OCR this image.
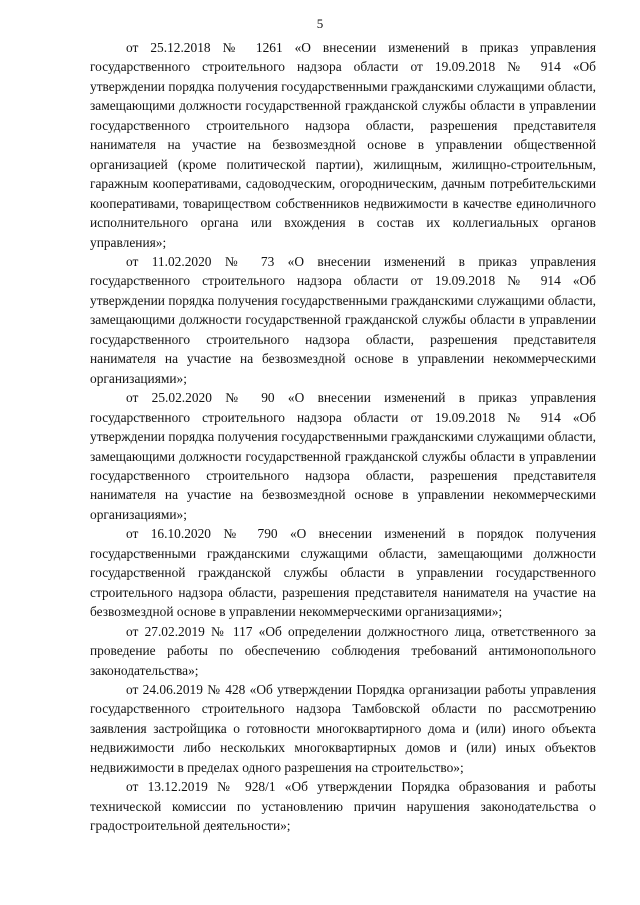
5

от 25.12.2018 № 1261 «О внесении изменений в приказ управления государственного строительного надзора области от 19.09.2018 № 914 «Об утверждении порядка получения государственными гражданскими служащими области, замещающими должности государственной гражданской службы области в управлении государственного строительного надзора области, разрешения представителя нанимателя на участие на безвозмездной основе в управлении общественной организацией (кроме политической партии), жилищным, жилищно-строительным, гаражным кооперативами, садоводческим, огородническим, дачным потребительскими кооперативами, товариществом собственников недвижимости в качестве единоличного исполнительного органа или вхождения в состав их коллегиальных органов управления»;

от 11.02.2020 № 73 «О внесении изменений в приказ управления государственного строительного надзора области от 19.09.2018 № 914 «Об утверждении порядка получения государственными гражданскими служащими области, замещающими должности государственной гражданской службы области в управлении государственного строительного надзора области, разрешения представителя нанимателя на участие на безвозмездной основе в управлении некоммерческими организациями»;

от 25.02.2020 № 90 «О внесении изменений в приказ управления государственного строительного надзора области от 19.09.2018 № 914 «Об утверждении порядка получения государственными гражданскими служащими области, замещающими должности государственной гражданской службы области в управлении государственного строительного надзора области, разрешения представителя нанимателя на участие на безвозмездной основе в управлении некоммерческими организациями»;

от 16.10.2020 № 790 «О внесении изменений в порядок получения государственными гражданскими служащими области, замещающими должности государственной гражданской службы области в управлении государственного строительного надзора области, разрешения представителя нанимателя на участие на безвозмездной основе в управлении некоммерческими организациями»;

от 27.02.2019 № 117 «Об определении должностного лица, ответственного за проведение работы по обеспечению соблюдения требований антимонопольного законодательства»;

от 24.06.2019 № 428 «Об утверждении Порядка организации работы управления государственного строительного надзора Тамбовской области по рассмотрению заявления застройщика о готовности многоквартирного дома и (или) иного объекта недвижимости либо нескольких многоквартирных домов и (или) иных объектов недвижимости в пределах одного разрешения на строительство»;

от 13.12.2019 № 928/1 «Об утверждении Порядка образования и работы технической комиссии по установлению причин нарушения законодательства о градостроительной деятельности»;
